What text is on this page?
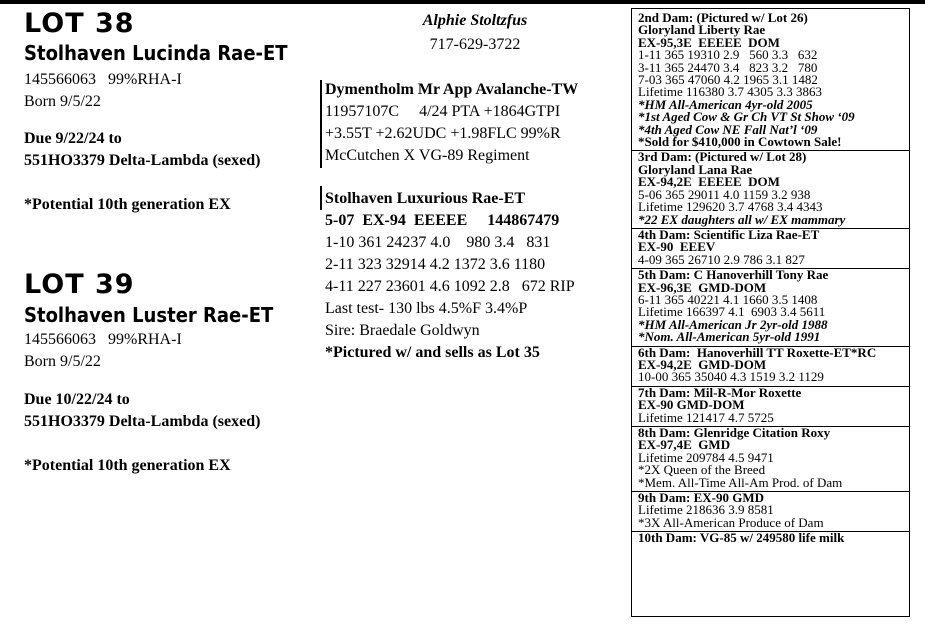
LOT 38
Stolhaven Lucinda Rae-ET
145566063   99%RHA-I
Born 9/5/22
Due 9/22/24 to
551HO3379 Delta-Lambda (sexed)
*Potential 10th generation EX
LOT 39
Stolhaven Luster Rae-ET
145566063   99%RHA-I
Born 9/5/22
Due 10/22/24 to
551HO3379 Delta-Lambda (sexed)
*Potential 10th generation EX
Alphie Stoltzfus
717-629-3722
Dymentholm Mr App Avalanche-TW
11957107C     4/24 PTA +1864GTPI
+3.55T +2.62UDC +1.98FLC 99%R
McCutchen X VG-89 Regiment
Stolhaven Luxurious Rae-ET
5-07  EX-94  EEEEE     144867479
1-10 361 24237 4.0    980 3.4   831
2-11 323 32914 4.2 1372 3.6 1180
4-11 227 23601 4.6 1092 2.8   672 RIP
Last test- 130 lbs 4.5%F 3.4%P
Sire: Braedale Goldwyn
*Pictured w/ and sells as Lot 35
2nd Dam: (Pictured w/ Lot 26)
Gloryland Liberty Rae
EX-95,3E  EEEEE  DOM
1-11 365 19310 2.9   560 3.3   632
3-11 365 24470 3.4   823 3.2   780
7-03 365 47060 4.2 1965 3.1 1482
Lifetime 116380 3.7 4305 3.3 3863
*HM All-American 4yr-old 2005
*1st Aged Cow & Gr Ch VT St Show ‘09
*4th Aged Cow NE Fall Nat’l ‘09
*Sold for $410,000 in Cowtown Sale!
3rd Dam: (Pictured w/ Lot 28)
Gloryland Lana Rae
EX-94,2E  EEEEE  DOM
5-06 365 29011 4.0 1159 3.2 938
Lifetime 129620 3.7 4768 3.4 4343
*22 EX daughters all w/ EX mammary
4th Dam: Scientific Liza Rae-ET
EX-90  EEEV
4-09 365 26710 2.9 786 3.1 827
5th Dam: C Hanoverhill Tony Rae
EX-96,3E  GMD-DOM
6-11 365 40221 4.1 1660 3.5 1408
Lifetime 166397 4.1  6903 3.4 5611
*HM All-American Jr 2yr-old 1988
*Nom. All-American 5yr-old 1991
6th Dam:  Hanoverhill TT Roxette-ET*RC
EX-94,2E  GMD-DOM
10-00 365 35040 4.3 1519 3.2 1129
7th Dam: Mil-R-Mor Roxette
EX-90 GMD-DOM
Lifetime 121417 4.7 5725
8th Dam: Glenridge Citation Roxy
EX-97,4E  GMD
Lifetime 209784 4.5 9471
*2X Queen of the Breed
*Mem. All-Time All-Am Prod. of Dam
9th Dam: EX-90 GMD
Lifetime 218636 3.9 8581
*3X All-American Produce of Dam
10th Dam: VG-85 w/ 249580 life milk
